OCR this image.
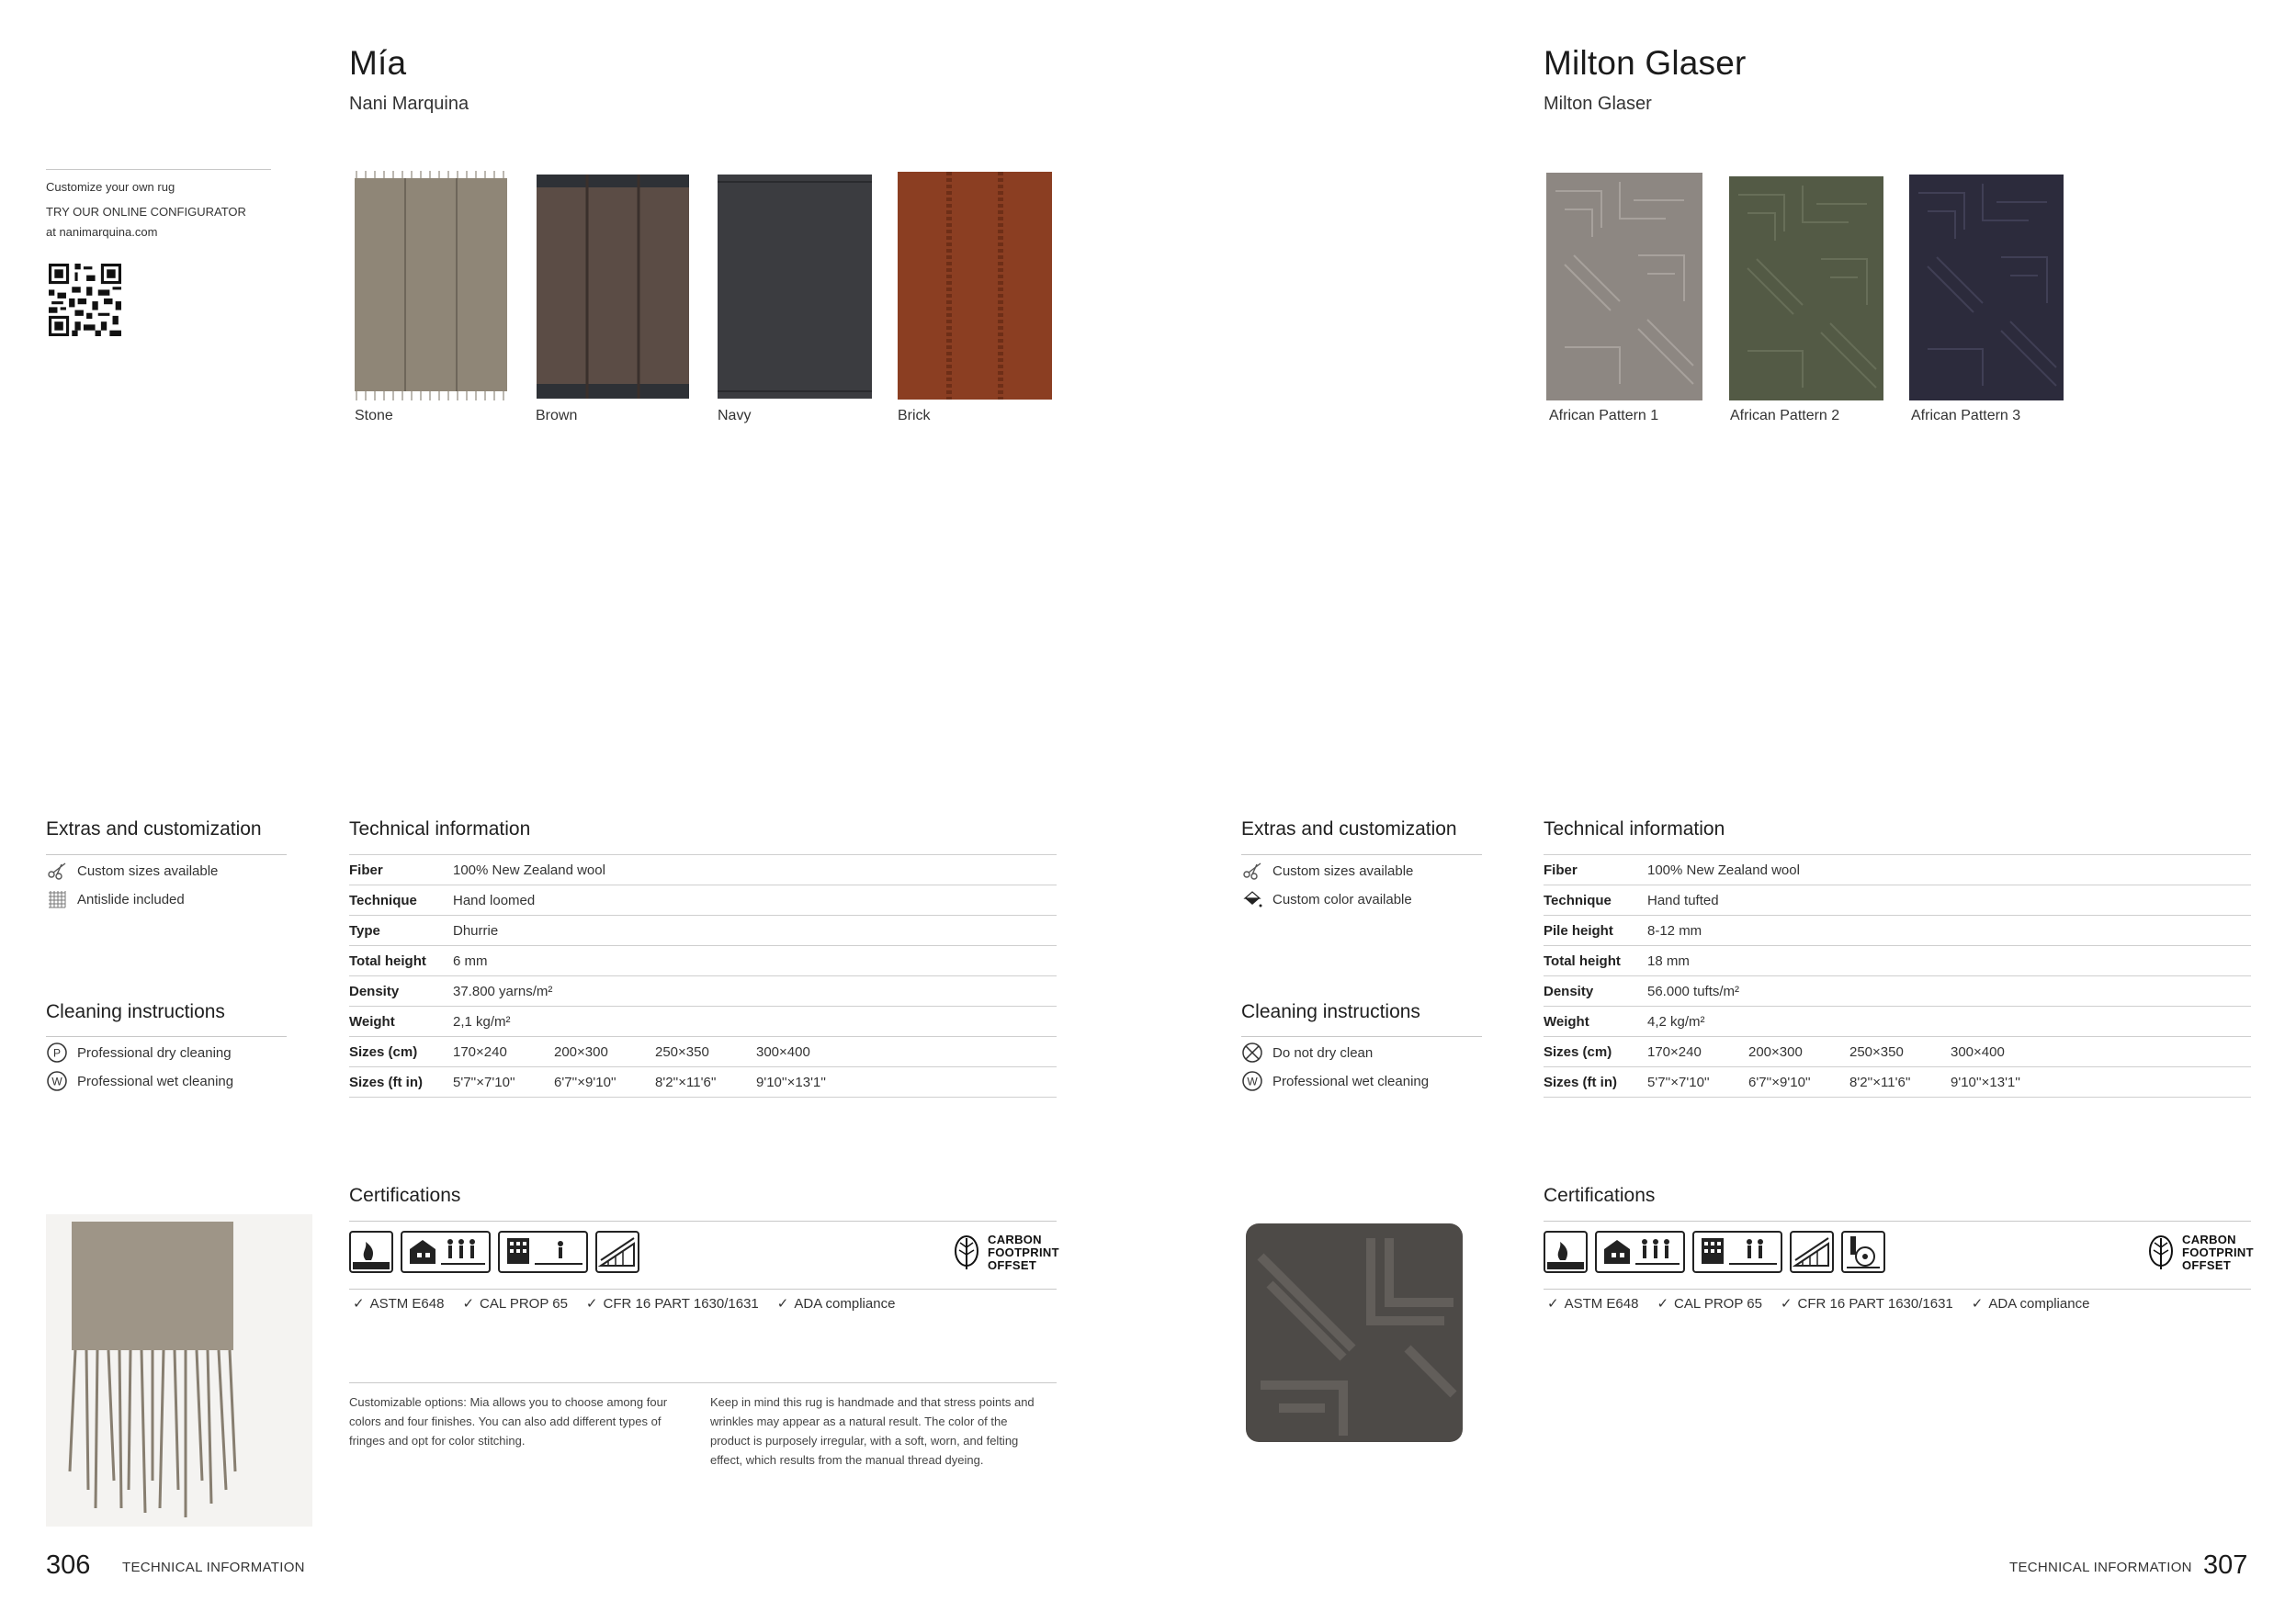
Mía
Nani Marquina
Customize your own rug
TRY OUR ONLINE CONFIGURATOR
at nanimarquina.com
Stone	Brown	Navy	Brick
Extras and customization
Custom sizes available
Antislide included
Cleaning instructions
P Professional dry cleaning
W Professional wet cleaning
Technical information
Fiber	100% New Zealand wool				
Technique	Hand loomed				
Type	Dhurrie				
Total height	6 mm				
Density	37.800 yarns/m²				
Weight	2,1 kg/m²				
Sizes (cm)	170×240	200×300	250×350	300×400	
Sizes (ft in)	5'7''×7'10''	6'7''×9'10''	8'2''×11'6''	9'10''×13'1''	
Certifications
CARBON
FOOTPRINT
OFFSET
✓ ASTM E648 ✓ CAL PROP 65 ✓ CFR 16 PART 1630/1631 ✓ ADA compliance
Customizable options: Mia allows you to choose among four colors and four finishes. You can also add different types of fringes and opt for color stitching.
Keep in mind this rug is handmade and that stress points and wrinkles may appear as a natural result. The color of the product is purposely irregular, with a soft, worn, and felting effect, which results from the manual thread dyeing.
306 TECHNICAL INFORMATION
Milton Glaser
Milton Glaser
African Pattern 1	African Pattern 2	African Pattern 3
Extras and customization
Custom sizes available
Custom color available
Cleaning instructions
Do not dry clean
W Professional wet cleaning
Technical information
Fiber	100% New Zealand wool				
Technique	Hand tufted				
Pile height	8-12 mm				
Total height	18 mm				
Density	56.000 tufts/m²				
Weight	4,2 kg/m²				
Sizes (cm)	170×240	200×300	250×350	300×400	
Sizes (ft in)	5'7''×7'10''	6'7''×9'10''	8'2''×11'6''	9'10''×13'1''	
Certifications
CARBON
FOOTPRINT
OFFSET
✓ ASTM E648 ✓ CAL PROP 65 ✓ CFR 16 PART 1630/1631 ✓ ADA compliance
TECHNICAL INFORMATION 307
